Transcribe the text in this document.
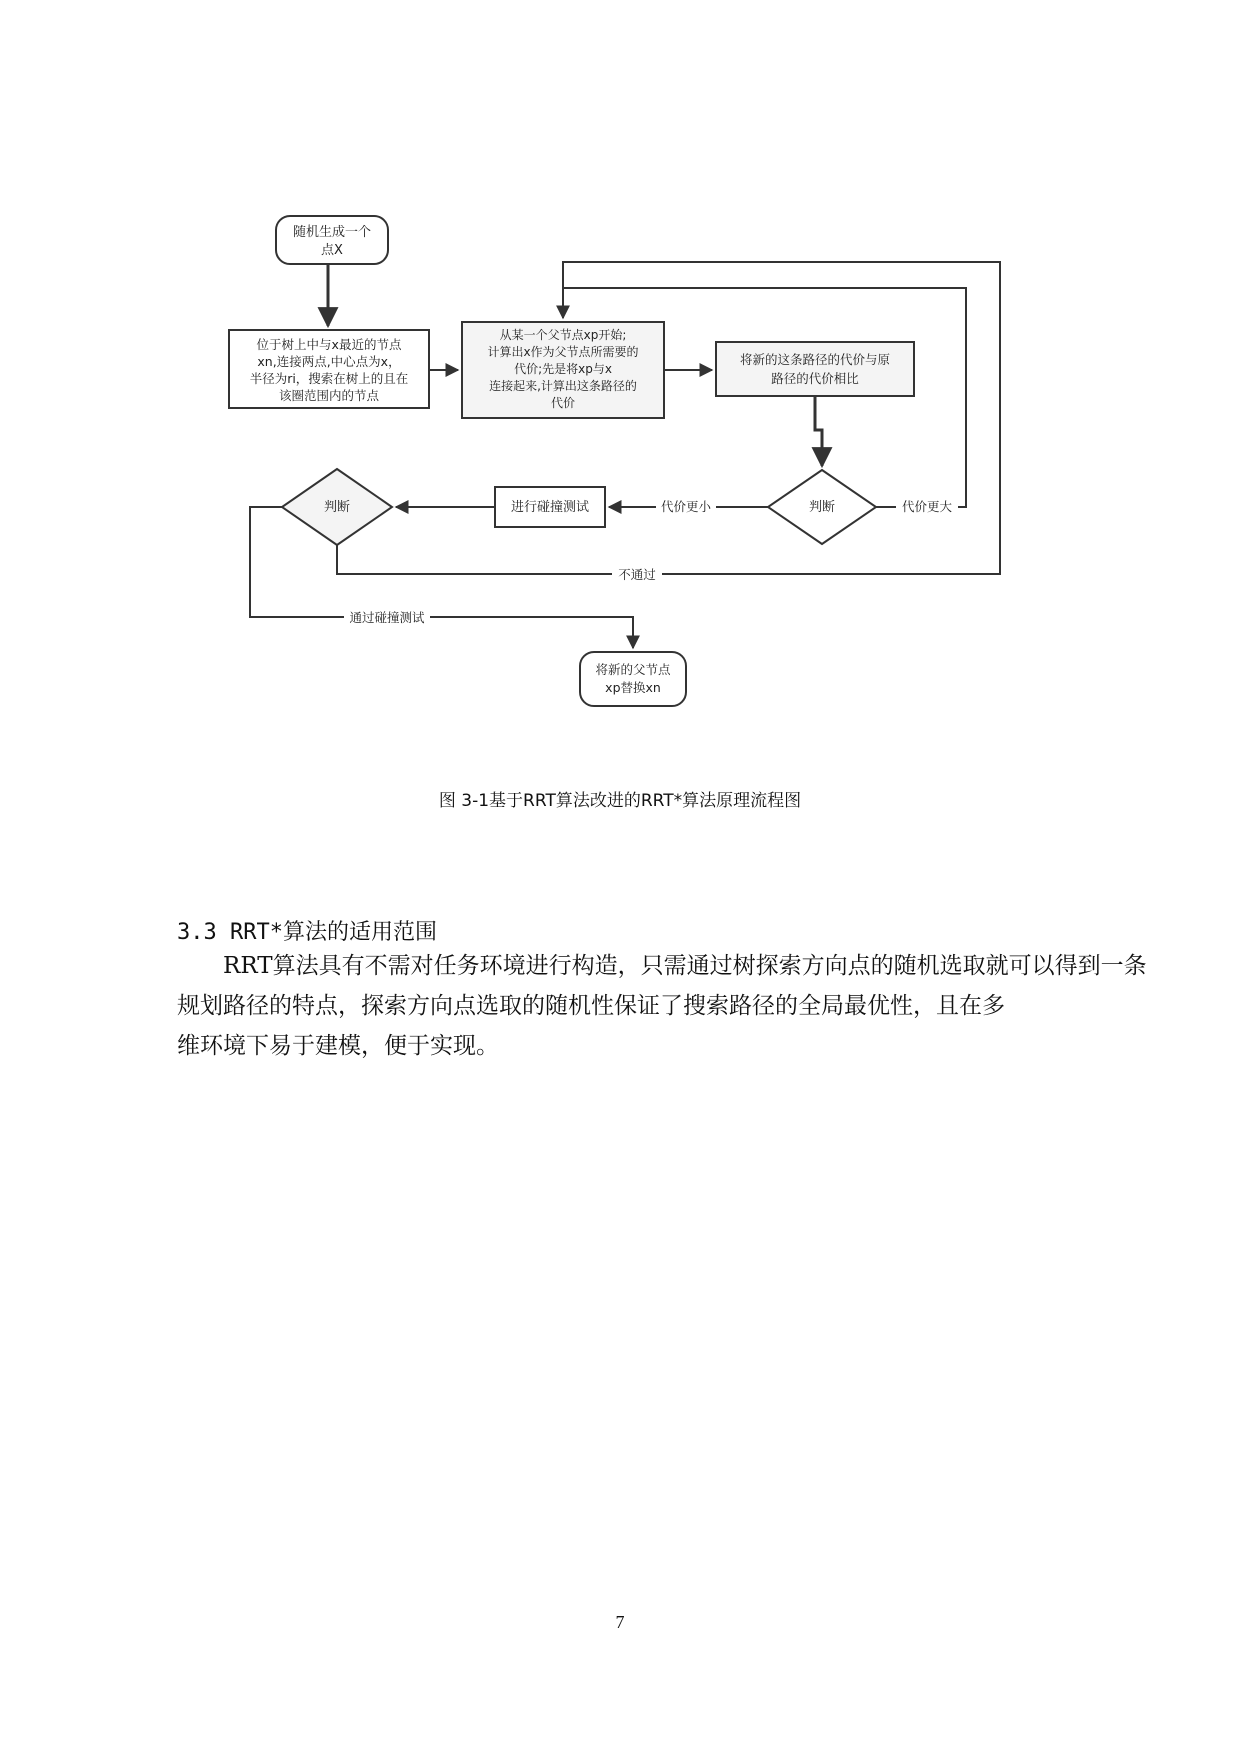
随机生成一个
点X
位于树上中与x最近的节点
xn,连接两点,中心点为x，
半径为ri，搜索在树上的且在
该圈范围内的节点
从某一个父节点xp开始;
计算出x作为父节点所需要的
代价;先是将xp与x
连接起来,计算出这条路径的
代价
将新的这条路径的代价与原
路径的代价相比
判断
进行碰撞测试
判断
将新的父节点
xp替换xn
代价更小	代价更大
不通过
通过碰撞测试
图 3-1基于RRT算法改进的RRT*算法原理流程图
3.3 RRT*算法的适用范围

RRT算法具有不需对任务环境进行构造，只需通过树探索方向点的随机选取就可以得到一条规划路径的特点，探索方向点选取的随机性保证了搜索路径的全局最优性，且在多

维环境下易于建模，便于实现。

7
